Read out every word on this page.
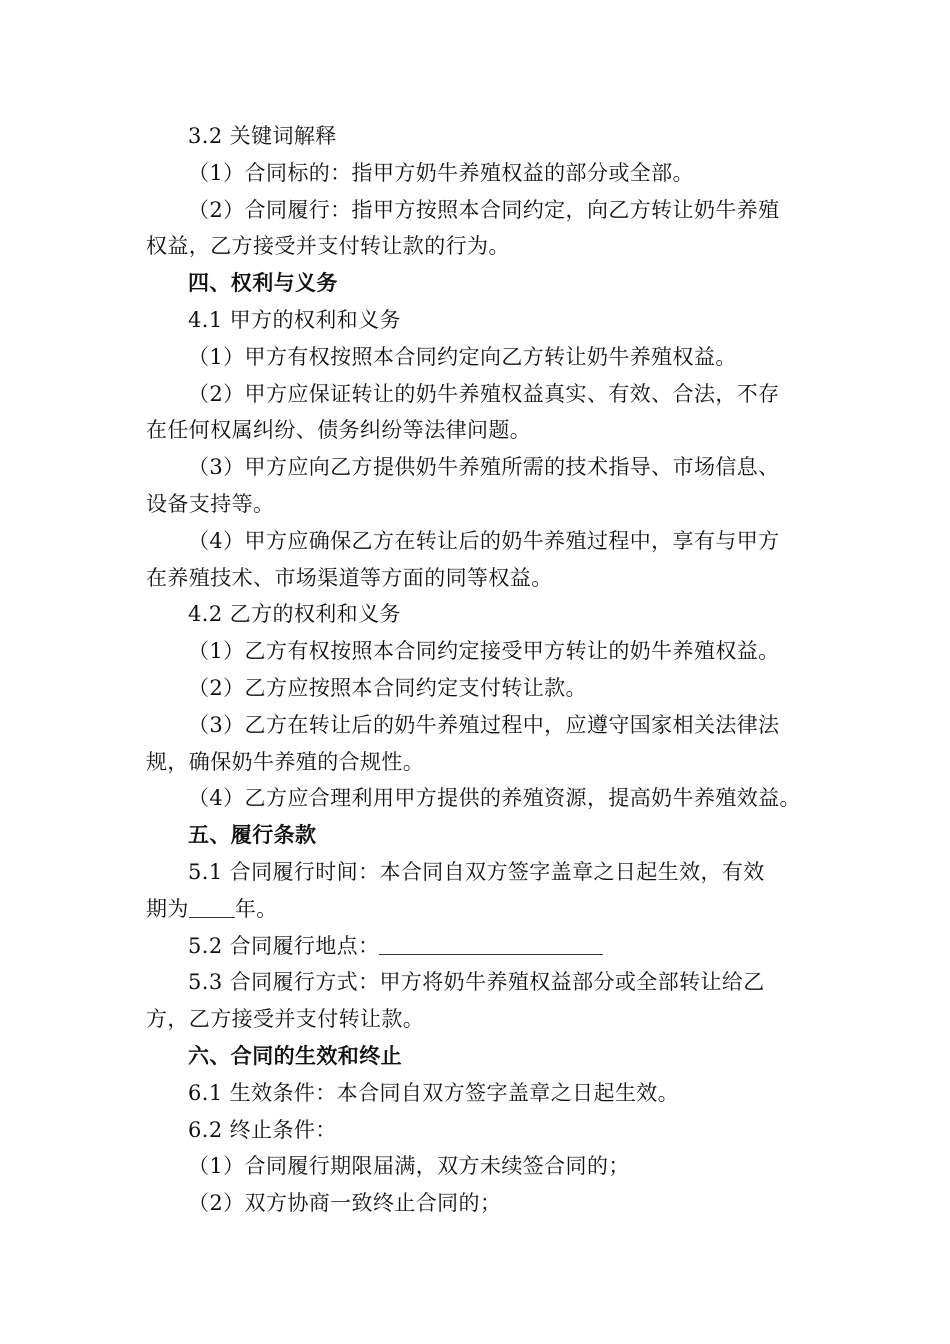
3.2 关键词解释
（1）合同标的：指甲方奶牛养殖权益的部分或全部。
（2）合同履行：指甲方按照本合同约定，向乙方转让奶牛养殖
权益，乙方接受并支付转让款的行为。
四、权利与义务
4.1 甲方的权利和义务
（1）甲方有权按照本合同约定向乙方转让奶牛养殖权益。
（2）甲方应保证转让的奶牛养殖权益真实、有效、合法，不存
在任何权属纠纷、债务纠纷等法律问题。
（3）甲方应向乙方提供奶牛养殖所需的技术指导、市场信息、
设备支持等。
（4）甲方应确保乙方在转让后的奶牛养殖过程中，享有与甲方
在养殖技术、市场渠道等方面的同等权益。
4.2 乙方的权利和义务
（1）乙方有权按照本合同约定接受甲方转让的奶牛养殖权益。
（2）乙方应按照本合同约定支付转让款。
（3）乙方在转让后的奶牛养殖过程中，应遵守国家相关法律法
规，确保奶牛养殖的合规性。
（4）乙方应合理利用甲方提供的养殖资源，提高奶牛养殖效益。
五、履行条款
5.1 合同履行时间：本合同自双方签字盖章之日起生效，有效
期为 年。
5.2 合同履行地点：
5.3 合同履行方式：甲方将奶牛养殖权益部分或全部转让给乙
方，乙方接受并支付转让款。
六、合同的生效和终止
6.1 生效条件：本合同自双方签字盖章之日起生效。
6.2 终止条件：
（1）合同履行期限届满，双方未续签合同的；
（2）双方协商一致终止合同的；
